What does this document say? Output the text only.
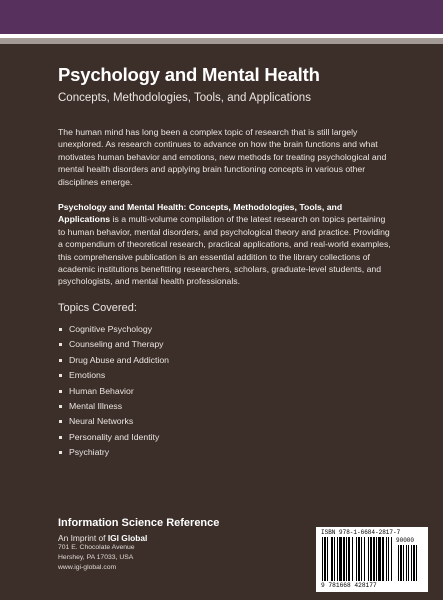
Psychology and Mental Health
Concepts, Methodologies, Tools, and Applications

The human mind has long been a complex topic of research that is still largely unexplored. As research continues to advance on how the brain functions and what motivates human behavior and emotions, new methods for treating psychological and mental health disorders and applying brain functioning concepts in various other disciplines emerge.

Psychology and Mental Health: Concepts, Methodologies, Tools, and Applications is a multi-volume compilation of the latest research on topics pertaining to human behavior, mental disorders, and psychological theory and practice. Providing a compendium of theoretical research, practical applications, and real-world examples, this comprehensive publication is an essential addition to the library collections of academic institutions benefitting researchers, scholars, graduate-level students, and psychologists, and mental health professionals.

Topics Covered:
Cognitive Psychology
Counseling and Therapy
Drug Abuse and Addiction
Emotions
Human Behavior
Mental Illness
Neural Networks
Personality and Identity
Psychiatry
Information Science Reference
An Imprint of IGI Global
701 E. Chocolate Avenue
Hershey, PA 17033, USA
www.igi-global.com
ISBN 978-1-6684-2817-7
90000
9 781668 428177
